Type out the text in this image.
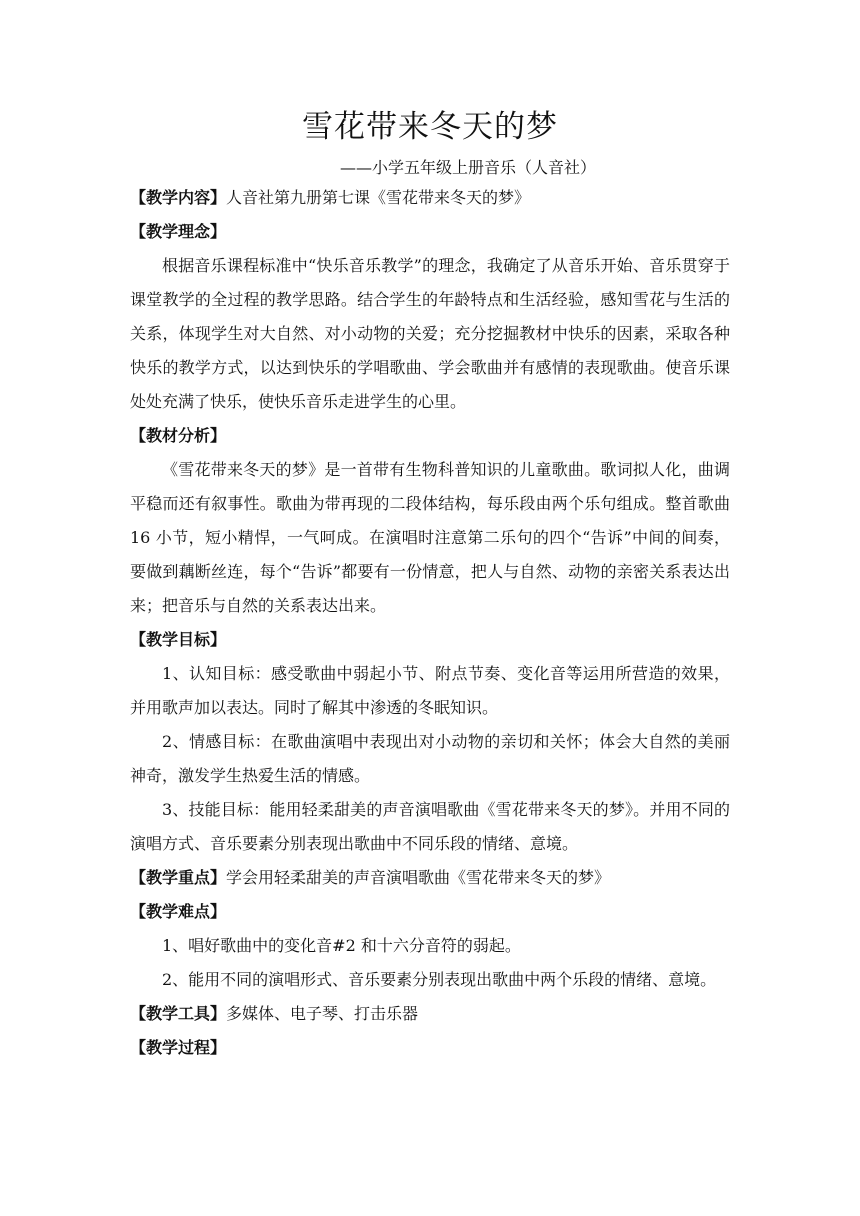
雪花带来冬天的梦
——小学五年级上册音乐（人音社）

【教学内容】人音社第九册第七课《雪花带来冬天的梦》

【教学理念】

根据音乐课程标准中“快乐音乐教学”的理念，我确定了从音乐开始、音乐贯穿于课堂教学的全过程的教学思路。结合学生的年龄特点和生活经验，感知雪花与生活的关系，体现学生对大自然、对小动物的关爱；充分挖掘教材中快乐的因素，采取各种快乐的教学方式，以达到快乐的学唱歌曲、学会歌曲并有感情的表现歌曲。使音乐课处处充满了快乐，使快乐音乐走进学生的心里。

【教材分析】

《雪花带来冬天的梦》是一首带有生物科普知识的儿童歌曲。歌词拟人化，曲调平稳而还有叙事性。歌曲为带再现的二段体结构，每乐段由两个乐句组成。整首歌曲 16 小节，短小精悍，一气呵成。在演唱时注意第二乐句的四个“告诉”中间的间奏，要做到藕断丝连，每个“告诉”都要有一份情意，把人与自然、动物的亲密关系表达出来；把音乐与自然的关系表达出来。

【教学目标】

1、认知目标：感受歌曲中弱起小节、附点节奏、变化音等运用所营造的效果，并用歌声加以表达。同时了解其中渗透的冬眠知识。

2、情感目标：在歌曲演唱中表现出对小动物的亲切和关怀；体会大自然的美丽神奇，激发学生热爱生活的情感。

3、技能目标：能用轻柔甜美的声音演唱歌曲《雪花带来冬天的梦》。并用不同的演唱方式、音乐要素分别表现出歌曲中不同乐段的情绪、意境。

【教学重点】学会用轻柔甜美的声音演唱歌曲《雪花带来冬天的梦》

【教学难点】

1、唱好歌曲中的变化音#2 和十六分音符的弱起。

2、能用不同的演唱形式、音乐要素分别表现出歌曲中两个乐段的情绪、意境。

【教学工具】多媒体、电子琴、打击乐器

【教学过程】
